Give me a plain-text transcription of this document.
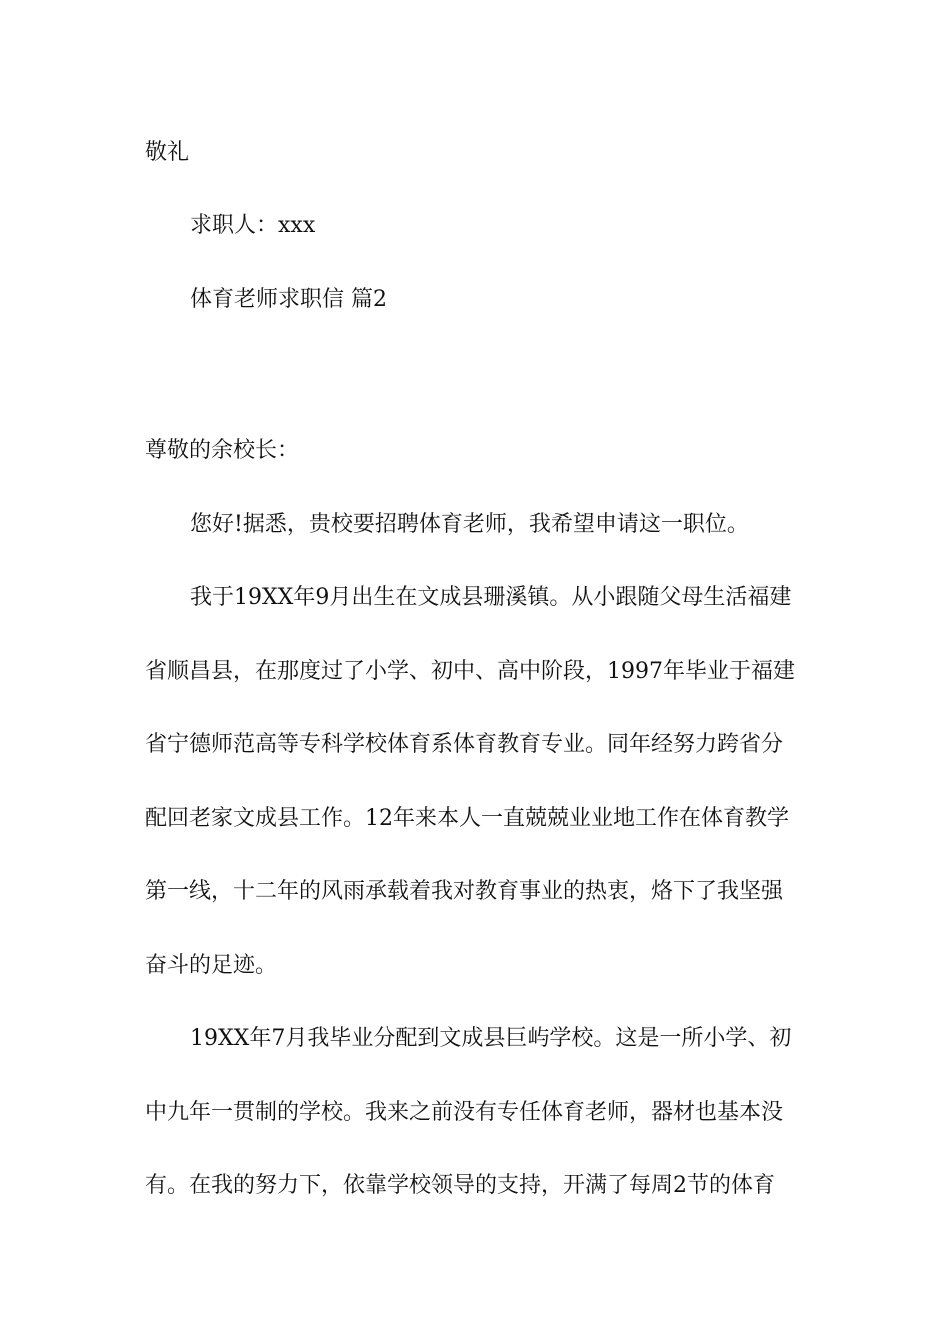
敬礼
求职人：xxx
体育老师求职信 篇2
尊敬的余校长：
您好!据悉，贵校要招聘体育老师，我希望申请这一职位。
我于19XX年9月出生在文成县珊溪镇。从小跟随父母生活福建
省顺昌县，在那度过了小学、初中、高中阶段，1997年毕业于福建
省宁德师范高等专科学校体育系体育教育专业。同年经努力跨省分
配回老家文成县工作。12年来本人一直兢兢业业地工作在体育教学
第一线，十二年的风雨承载着我对教育事业的热衷，烙下了我坚强
奋斗的足迹。
19XX年7月我毕业分配到文成县巨屿学校。这是一所小学、初
中九年一贯制的学校。我来之前没有专任体育老师，器材也基本没
有。在我的努力下，依靠学校领导的支持，开满了每周2节的体育
